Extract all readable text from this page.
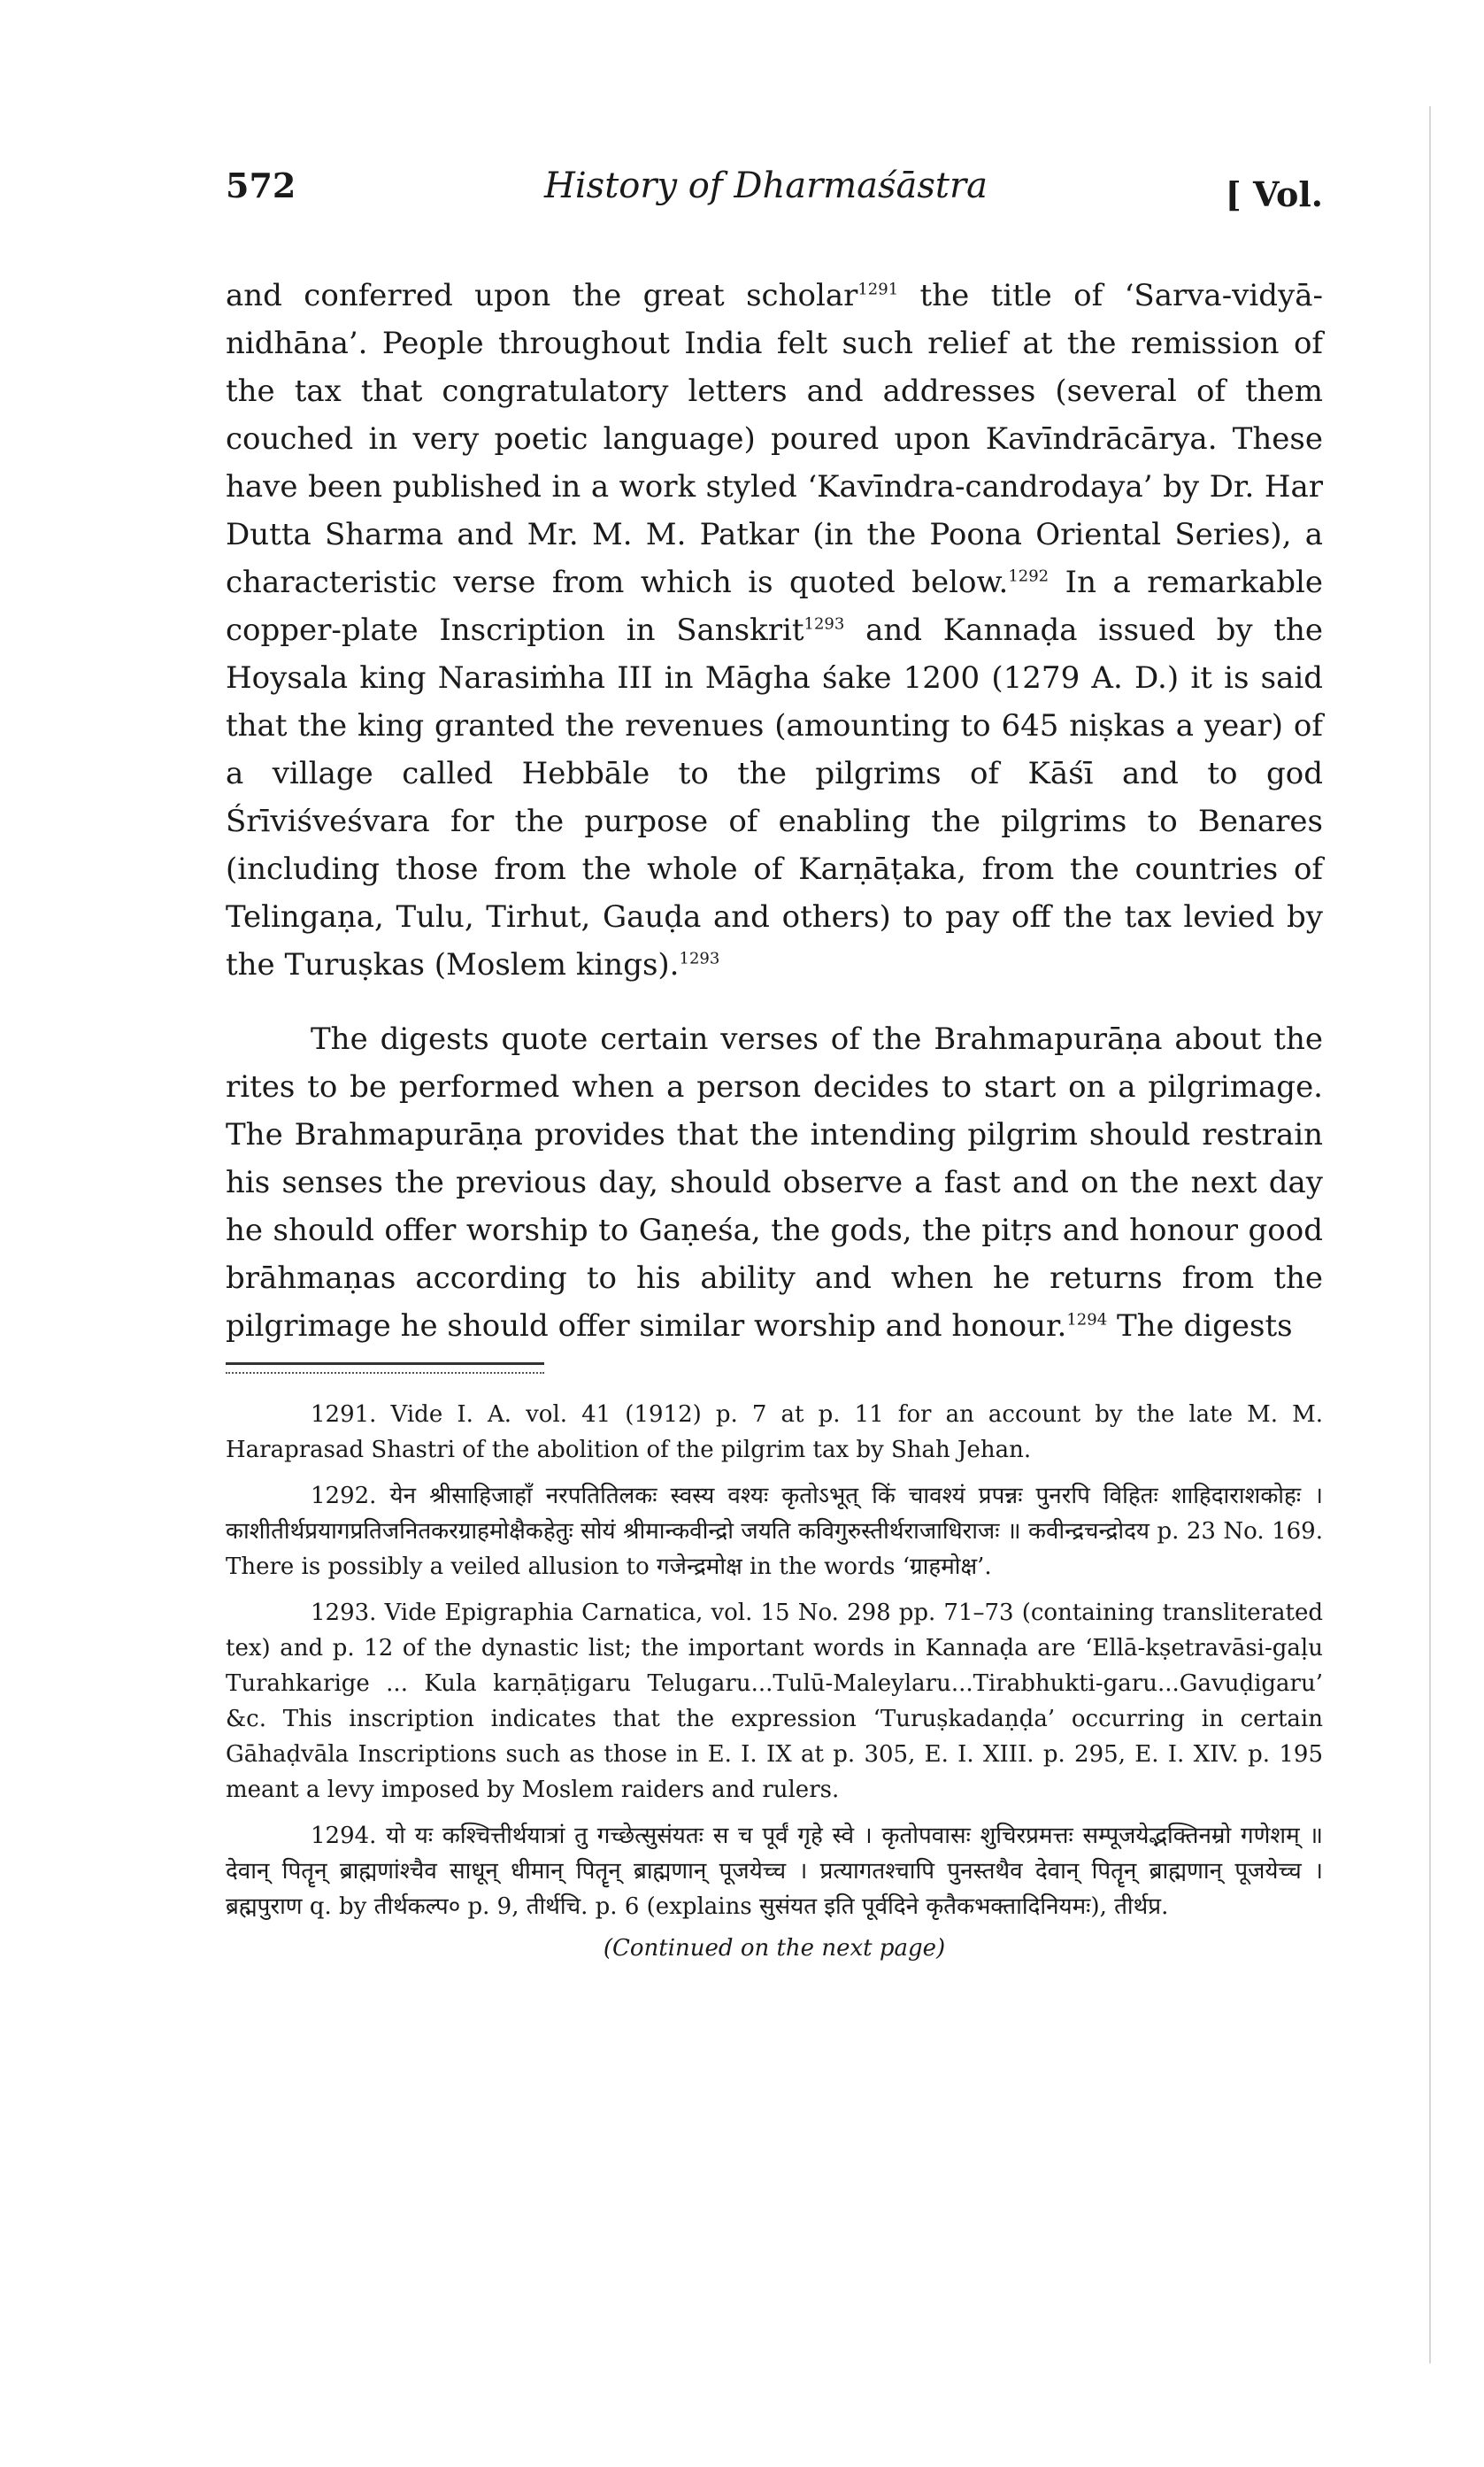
572	History of Dharmaśāstra	[ Vol.

and conferred upon the great scholar$^{1291}$ the title of ‘Sarva-vidyā-nidhāna’. People throughout India felt such relief at the remission of the tax that congratulatory letters and addresses (several of them couched in very poetic language) poured upon Kavīndrācārya. These have been published in a work styled ‘Kavīndra-candrodaya’ by Dr. Har Dutta Sharma and Mr. M. M. Patkar (in the Poona Oriental Series), a characteristic verse from which is quoted below.$^{1292}$ In a remarkable copper-plate Inscription in Sanskrit$^{1293}$ and Kannaḍa issued by the Hoysala king Narasiṁha III in Māgha śake 1200 (1279 A. D.) it is said that the king granted the revenues (amounting to 645 niṣkas a year) of a village called Hebbāle to the pilgrims of Kāśī and to god Śrīviśveśvara for the purpose of enabling the pilgrims to Benares (including those from the whole of Karṇāṭaka, from the countries of Telingaṇa, Tulu, Tirhut, Gauḍa and others) to pay off the tax levied by the Turuṣkas (Moslem kings).$^{1293}$

The digests quote certain verses of the Brahmapurāṇa about the rites to be performed when a person decides to start on a pilgrimage. The Brahmapurāṇa provides that the intending pilgrim should restrain his senses the previous day, should observe a fast and on the next day he should offer worship to Gaṇeśa, the gods, the pitṛs and honour good brāhmaṇas according to his ability and when he returns from the pilgrimage he should offer similar worship and honour.$^{1294}$ The digests

1291. Vide I. A. vol. 41 (1912) p. 7 at p. 11 for an account by the late M. M. Haraprasad Shastri of the abolition of the pilgrim tax by Shah Jehan.

1292. येन श्रीसाहिजाहाँ नरपतितिलकः स्वस्य वश्यः कृतोऽभूत् किं चावश्यं प्रपन्नः पुनरपि विहितः शाहिदाराशकोहः । काशीतीर्थप्रयागप्रतिजनितकरग्राहमोक्षैकहेतुः सोयं श्रीमान्कवीन्द्रो जयति कविगुरुस्तीर्थराजाधिराजः ॥ कवीन्द्रचन्द्रोदय p. 23 No. 169. There is possibly a veiled allusion to गजेन्द्रमोक्ष in the words ‘ग्राहमोक्ष’.

1293. Vide Epigraphia Carnatica, vol. 15 No. 298 pp. 71–73 (containing transliterated tex) and p. 12 of the dynastic list; the important words in Kannaḍa are ‘Ellā-kṣetravāsi-gaḷu Turahkarige ... Kula karṇāṭigaru Telugaru...Tulū-Maleylaru...Tirabhukti-garu...Gavuḍigaru’ &c. This inscription indicates that the expression ‘Turuṣkadaṇḍa’ occurring in certain Gāhaḍvāla Inscriptions such as those in E. I. IX at p. 305, E. I. XIII. p. 295, E. I. XIV. p. 195 meant a levy imposed by Moslem raiders and rulers.

1294. यो यः कश्चित्तीर्थयात्रां तु गच्छेत्सुसंयतः स च पूर्वं गृहे स्वे । कृतोपवासः शुचिरप्रमत्तः सम्पूजयेद्भक्तिनम्रो गणेशम् ॥ देवान् पितॄन् ब्राह्मणांश्चैव साधून् धीमान् पितॄन् ब्राह्मणान् पूजयेच्च । प्रत्यागतश्चापि पुनस्तथैव देवान् पितॄन् ब्राह्मणान् पूजयेच्च । ब्रह्मपुराण q. by तीर्थकल्प० p. 9, तीर्थचि. p. 6 (explains सुसंयत इति पूर्वदिने कृतैकभक्तादिनियमः), तीर्थप्र.

(Continued on the next page)
